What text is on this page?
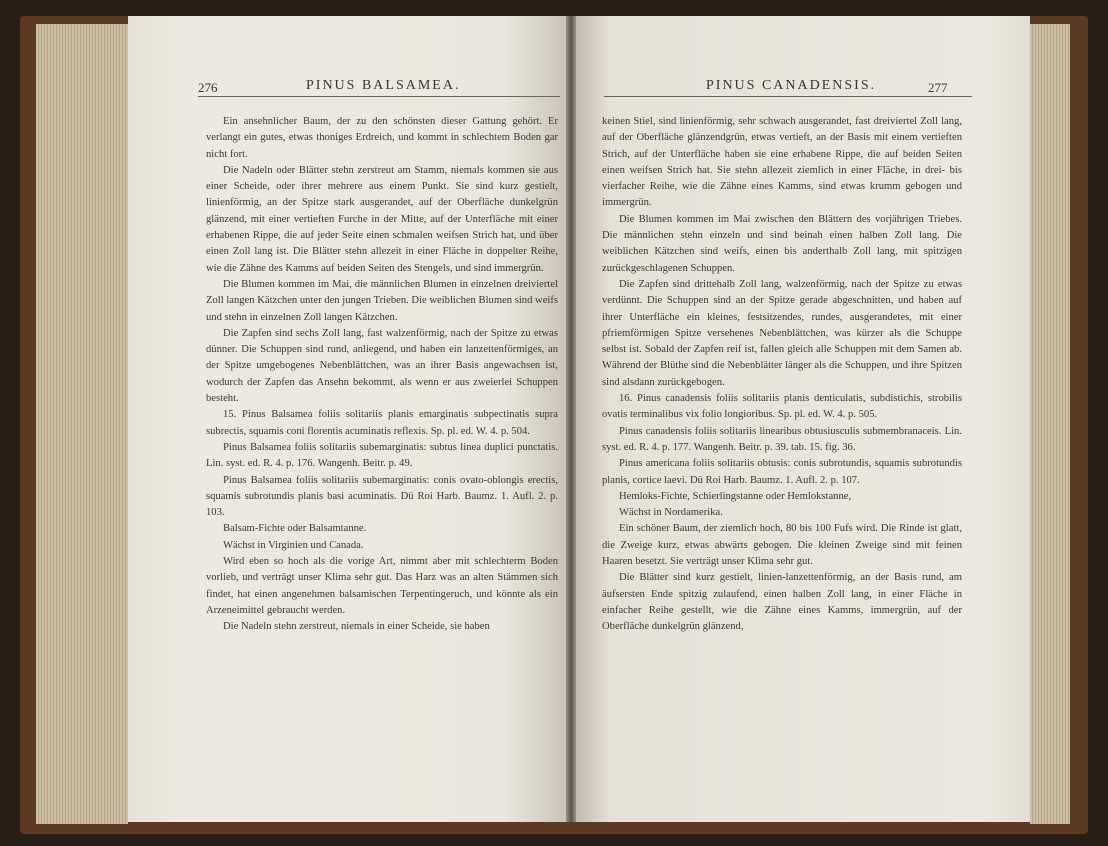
276	PINUS BALSAMEA.

Ein ansehnlicher Baum, der zu den schönsten dieser Gattung gehört. Er verlangt ein gutes, etwas thoniges Erdreich, und kommt in schlechtem Boden gar nicht fort.

Die Nadeln oder Blätter stehn zerstreut am Stamm, niemals kommen sie aus einer Scheide, oder ihrer mehrere aus einem Punkt. Sie sind kurz gestielt, linienförmig, an der Spitze stark ausgerandet, auf der Oberfläche dunkelgrün glänzend, mit einer vertieften Furche in der Mitte, auf der Unterfläche mit einer erhabenen Rippe, die auf jeder Seite einen schmalen weifsen Strich hat, und über einen Zoll lang ist. Die Blätter stehn allezeit in einer Fläche in doppelter Reihe, wie die Zähne des Kamms auf beiden Seiten des Stengels, und sind immergrün.

Die Blumen kommen im Mai, die männlichen Blumen in einzelnen dreiviertel Zoll langen Kätzchen unter den jungen Trieben. Die weiblichen Blumen sind weifs und stehn in einzelnen Zoll langen Kätzchen.

Die Zapfen sind sechs Zoll lang, fast walzenförmig, nach der Spitze zu etwas dünner. Die Schuppen sind rund, anliegend, und haben ein lanzettenförmiges, an der Spitze umgebogenes Nebenblättchen, was an ihrer Basis angewachsen ist, wodurch der Zapfen das Ansehn bekommt, als wenn er aus zweierlei Schuppen besteht.

15. Pinus Balsamea foliis solitariis planis emarginatis subpectinatis supra subrectis, squamis coni florentis acuminatis reflexis. Sp. pl. ed. W. 4. p. 504.

Pinus Balsamea foliis solitariis subemarginatis: subtus linea duplici punctatis. Lin. syst. ed. R. 4. p. 176. Wangenh. Beitr. p. 49.

Pinus Balsamea foliis solitariis subemarginatis: conis ovato-oblongis erectis, squamis subrotundis planis basi acuminatis. Dü Roi Harb. Baumz. 1. Aufl. 2. p. 103.

Balsam-Fichte oder Balsamtanne.

Wächst in Virginien und Canada.

Wird eben so hoch als die vorige Art, nimmt aber mit schlechterm Boden vorlieb, und verträgt unser Klima sehr gut. Das Harz was an alten Stämmen sich findet, hat einen angenehmen balsamischen Terpentingeruch, und könnte als ein Arzeneimittel gebraucht werden.

Die Nadeln stehn zerstreut, niemals in einer Scheide, sie haben

PINUS CANADENSIS.	277

keinen Stiel, sind linienförmig, sehr schwach ausgerandet, fast dreiviertel Zoll lang, auf der Oberfläche glänzendgrün, etwas vertieft, an der Basis mit einem vertieften Strich, auf der Unterfläche haben sie eine erhabene Rippe, die auf beiden Seiten einen weifsen Strich hat. Sie stehn allezeit ziemlich in einer Fläche, in drei- bis vierfacher Reihe, wie die Zähne eines Kamms, sind etwas krumm gebogen und immergrün.

Die Blumen kommen im Mai zwischen den Blättern des vorjährigen Triebes. Die männlichen stehn einzeln und sind beinah einen halben Zoll lang. Die weiblichen Kätzchen sind weifs, einen bis anderthalb Zoll lang, mit spitzigen zurückgeschlagenen Schuppen.

Die Zapfen sind drittehalb Zoll lang, walzenförmig, nach der Spitze zu etwas verdünnt. Die Schuppen sind an der Spitze gerade abgeschnitten, und haben auf ihrer Unterfläche ein kleines, festsitzendes, rundes, ausgerandetes, mit einer pfriemförmigen Spitze versehenes Nebenblättchen, was kürzer als die Schuppe selbst ist. Sobald der Zapfen reif ist, fallen gleich alle Schuppen mit dem Samen ab. Während der Blüthe sind die Nebenblätter länger als die Schuppen, und ihre Spitzen sind alsdann zurückgebogen.

16. Pinus canadensis foliis solitariis planis denticulatis, subdistichis, strobilis ovatis terminalibus vix folio longioribus. Sp. pl. ed. W. 4. p. 505.

Pinus canadensis foliis solitariis linearibus obtusiusculis submembranaceis. Lin. syst. ed. R. 4. p. 177. Wangenh. Beitr. p. 39. tab. 15. fig. 36.

Pinus americana foliis solitariis obtusis: conis subrotundis, squamis subrotundis planis, cortice laevi. Dü Roi Harb. Baumz. 1. Aufl. 2. p. 107.

Hemloks-Fichte, Schierlingstanne oder Hemlokstanne,

Wächst in Nordamerika.

Ein schöner Baum, der ziemlich hoch, 80 bis 100 Fufs wird. Die Rinde ist glatt, die Zweige kurz, etwas abwärts gebogen. Die kleinen Zweige sind mit feinen Haaren besetzt. Sie verträgt unser Klima sehr gut.

Die Blätter sind kurz gestielt, linien-lanzettenförmig, an der Basis rund, am äufsersten Ende spitzig zulaufend, einen halben Zoll lang, in einer Fläche in einfacher Reihe gestellt, wie die Zähne eines Kamms, immergrün, auf der Oberfläche dunkelgrün glänzend,
